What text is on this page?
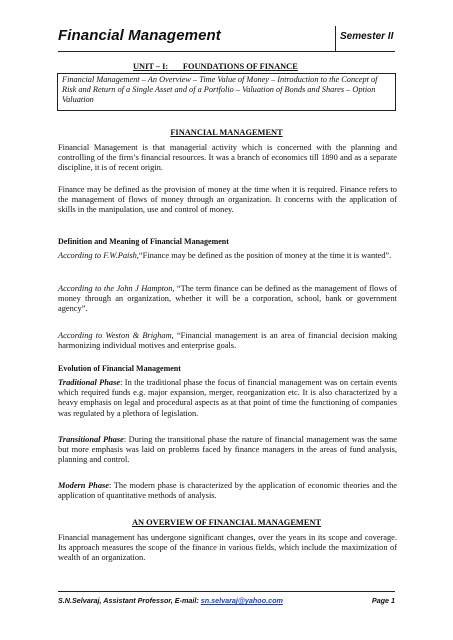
Financial Management	Semester II
UNIT – I: FOUNDATIONS OF FINANCE
Financial Management – An Overview – Time Value of Money – Introduction to the Concept of Risk and Return of a Single Asset and of a Portfolio – Valuation of Bonds and Shares – Option Valuation
FINANCIAL MANAGEMENT
Financial Management is that managerial activity which is concerned with the planning and controlling of the firm’s financial resources. It was a branch of economics till 1890 and as a separate discipline, it is of recent origin.
Finance may be defined as the provision of money at the time when it is required. Finance refers to the management of flows of money through an organization. It concerns with the application of skills in the manipulation, use and control of money.
Definition and Meaning of Financial Management
According to F.W.Paish,“Finance may be defined as the position of money at the time it is wanted”.
According to the John J Hampton, “The term finance can be defined as the management of flows of money through an organization, whether it will be a corporation, school, bank or government agency”.
According to Weston & Brigham, “Financial management is an area of financial decision making harmonizing individual motives and enterprise goals.
Evolution of Financial Management
Traditional Phase: In the traditional phase the focus of financial management was on certain events which required funds e.g. major expansion, merger, reorganization etc. It is also characterized by a heavy emphasis on legal and procedural aspects as at that point of time the functioning of companies was regulated by a plethora of legislation.
Transitional Phase: During the transitional phase the nature of financial management was the same but more emphasis was laid on problems faced by finance managers in the areas of fund analysis, planning and control.
Modern Phase: The modern phase is characterized by the application of economic theories and the application of quantitative methods of analysis.
AN OVERVIEW OF FINANCIAL MANAGEMENT
Financial management has undergone significant changes, over the years in its scope and coverage. Its approach measures the scope of the finance in various fields, which include the maximization of wealth of an organization.
S.N.Selvaraj, Assistant Professor, E-mail: sn.selvaraj@yahoo.com	Page 1
